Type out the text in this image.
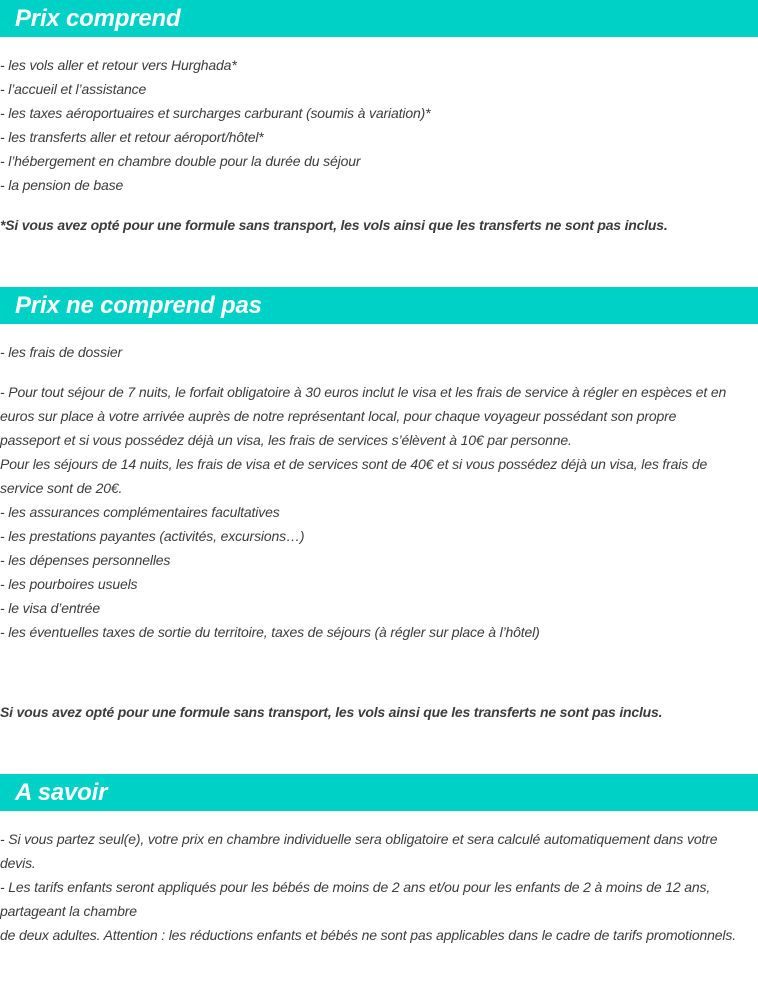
Prix comprend

- les vols aller et retour vers Hurghada*

- l’accueil et l’assistance

- les taxes aéroportuaires et surcharges carburant (soumis à variation)*

- les transferts aller et retour aéroport/hôtel*

- l’hébergement en chambre double pour la durée du séjour

- la pension de base

*Si vous avez opté pour une formule sans transport, les vols ainsi que les transferts ne sont pas inclus.

Prix ne comprend pas

- les frais de dossier

- Pour tout séjour de 7 nuits, le forfait obligatoire à 30 euros inclut le visa et les frais de service à régler en espèces et en

euros sur place à votre arrivée auprès de notre représentant local, pour chaque voyageur possédant son propre

passeport et si vous possédez déjà un visa, les frais de services s’élèvent à 10€ par personne.

Pour les séjours de 14 nuits, les frais de visa et de services sont de 40€ et si vous possédez déjà un visa, les frais de

service sont de 20€.

- les assurances complémentaires facultatives

- les prestations payantes (activités, excursions…)

- les dépenses personnelles

- les pourboires usuels

- le visa d’entrée

- les éventuelles taxes de sortie du territoire, taxes de séjours (à régler sur place à l’hôtel)

Si vous avez opté pour une formule sans transport, les vols ainsi que les transferts ne sont pas inclus.

A savoir

- Si vous partez seul(e), votre prix en chambre individuelle sera obligatoire et sera calculé automatiquement dans votre

devis.

- Les tarifs enfants seront appliqués pour les bébés de moins de 2 ans et/ou pour les enfants de 2 à moins de 12 ans,

partageant la chambre

de deux adultes. Attention : les réductions enfants et bébés ne sont pas applicables dans le cadre de tarifs promotionnels.
